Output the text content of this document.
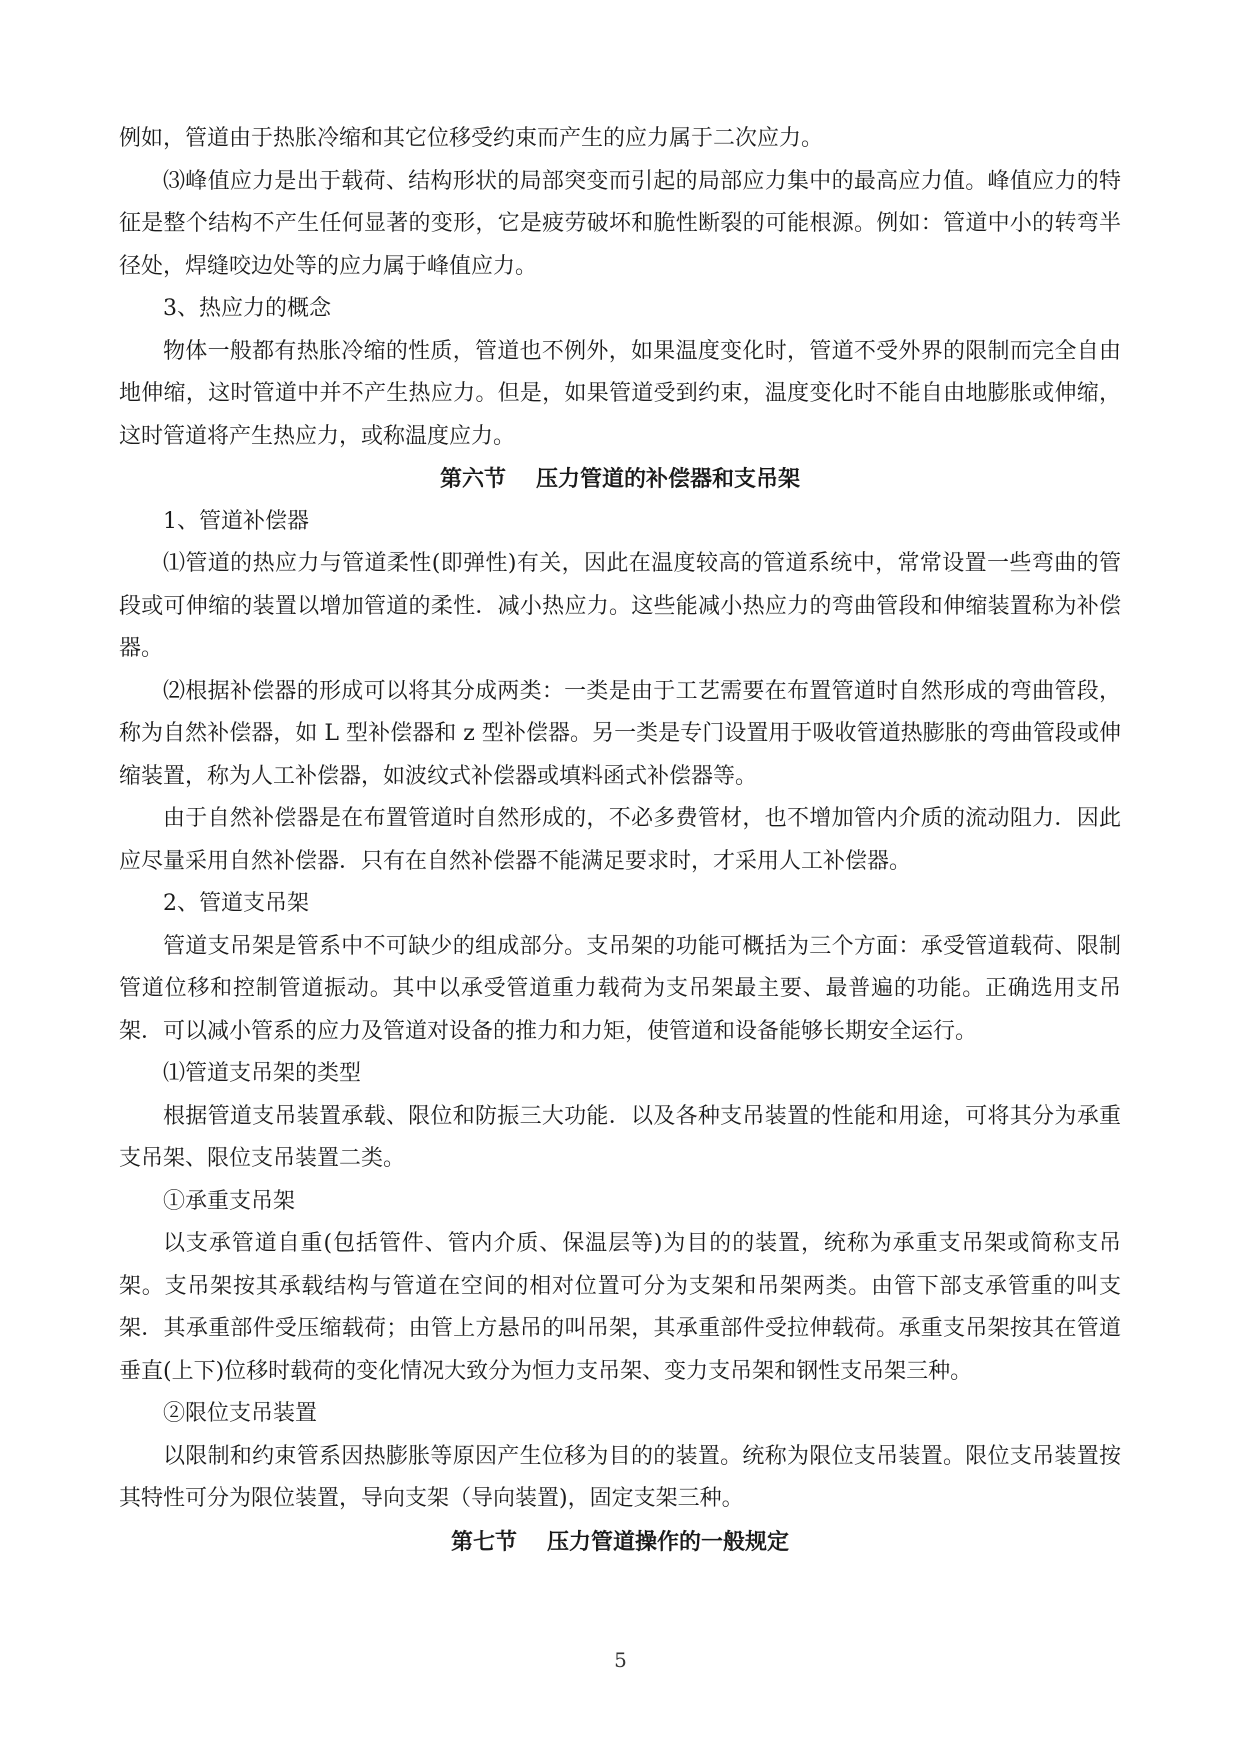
例如，管道由于热胀冷缩和其它位移受约束而产生的应力属于二次应力。

⑶峰值应力是出于载荷、结构形状的局部突变而引起的局部应力集中的最高应力值。峰值应力的特征是整个结构不产生任何显著的变形，它是疲劳破坏和脆性断裂的可能根源。例如：管道中小的转弯半径处，焊缝咬边处等的应力属于峰值应力。

3、热应力的概念

物体一般都有热胀冷缩的性质，管道也不例外，如果温度变化时，管道不受外界的限制而完全自由地伸缩，这时管道中并不产生热应力。但是，如果管道受到约束，温度变化时不能自由地膨胀或伸缩，这时管道将产生热应力，或称温度应力。

第六节 压力管道的补偿器和支吊架

1、管道补偿器

⑴管道的热应力与管道柔性(即弹性)有关，因此在温度较高的管道系统中，常常设置一些弯曲的管段或可伸缩的装置以增加管道的柔性．减小热应力。这些能减小热应力的弯曲管段和伸缩装置称为补偿器。

⑵根据补偿器的形成可以将其分成两类：一类是由于工艺需要在布置管道时自然形成的弯曲管段，称为自然补偿器，如 L 型补偿器和 z 型补偿器。另一类是专门设置用于吸收管道热膨胀的弯曲管段或伸缩装置，称为人工补偿器，如波纹式补偿器或填料函式补偿器等。

由于自然补偿器是在布置管道时自然形成的，不必多费管材，也不增加管内介质的流动阻力．因此应尽量采用自然补偿器．只有在自然补偿器不能满足要求时，才采用人工补偿器。

2、管道支吊架

管道支吊架是管系中不可缺少的组成部分。支吊架的功能可概括为三个方面：承受管道载荷、限制管道位移和控制管道振动。其中以承受管道重力载荷为支吊架最主要、最普遍的功能。正确选用支吊架．可以减小管系的应力及管道对设备的推力和力矩，使管道和设备能够长期安全运行。

⑴管道支吊架的类型

根据管道支吊装置承载、限位和防振三大功能．以及各种支吊装置的性能和用途，可将其分为承重支吊架、限位支吊装置二类。

①承重支吊架

以支承管道自重(包括管件、管内介质、保温层等)为目的的装置，统称为承重支吊架或简称支吊架。支吊架按其承载结构与管道在空间的相对位置可分为支架和吊架两类。由管下部支承管重的叫支架．其承重部件受压缩载荷；由管上方悬吊的叫吊架，其承重部件受拉伸载荷。承重支吊架按其在管道垂直(上下)位移时载荷的变化情况大致分为恒力支吊架、变力支吊架和钢性支吊架三种。

②限位支吊装置

以限制和约束管系因热膨胀等原因产生位移为目的的装置。统称为限位支吊装置。限位支吊装置按其特性可分为限位装置，导向支架（导向装置)，固定支架三种。

第七节 压力管道操作的一般规定

5
